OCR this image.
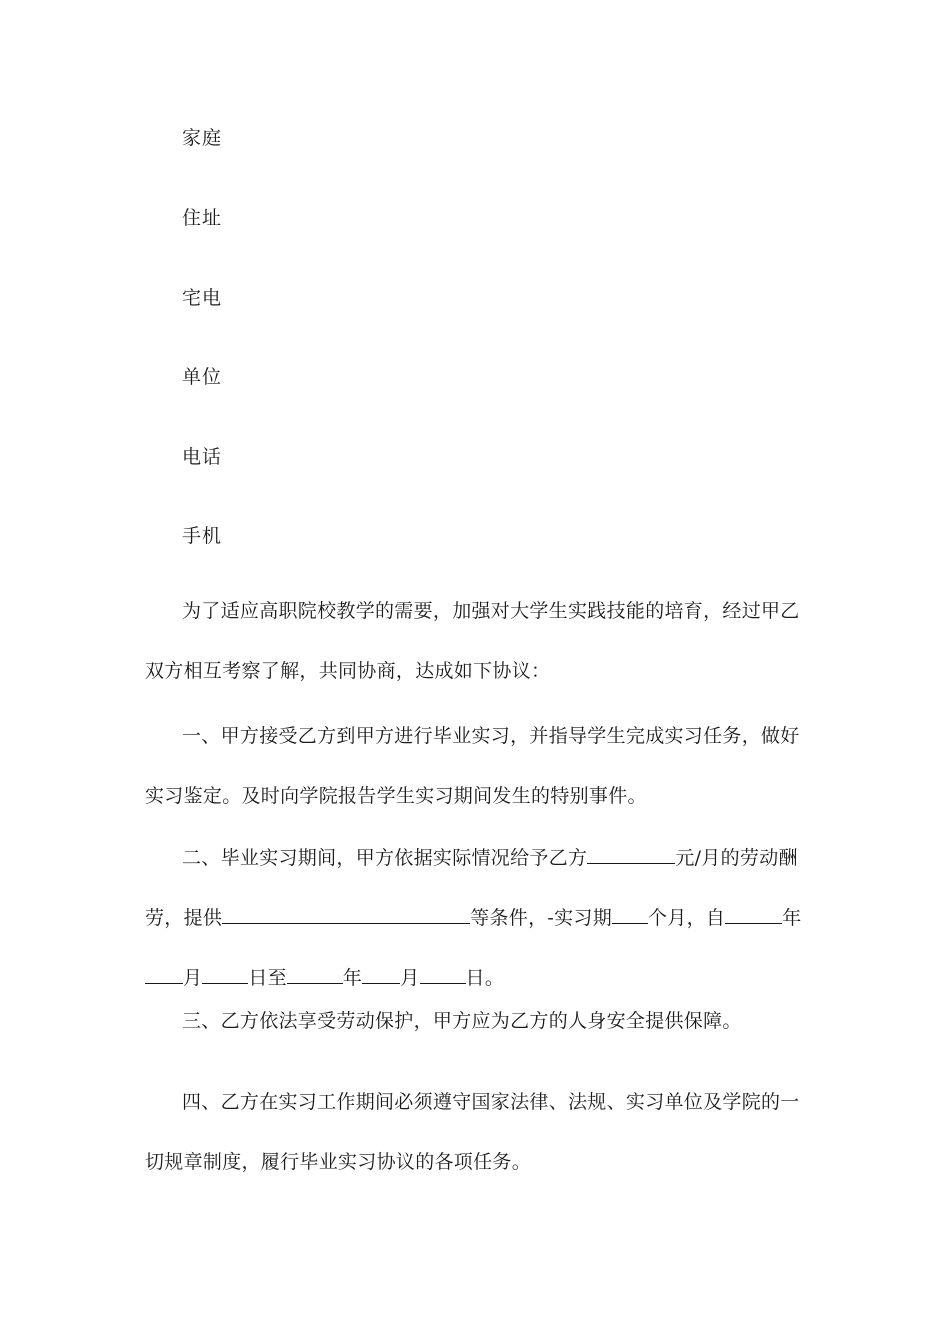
家庭
住址
宅电
单位
电话
手机
为了适应高职院校教学的需要，加强对大学生实践技能的培育，经过甲乙
双方相互考察了解，共同协商，达成如下协议：
一、甲方接受乙方到甲方进行毕业实习，并指导学生完成实习任务，做好
实习鉴定。及时向学院报告学生实习期间发生的特别事件。
二、毕业实习期间，甲方依据实际情况给予乙方	元/月的劳动酬
劳，提供	等条件，-实习期 个月，自	年
月 日至	年 月 日。
三、乙方依法享受劳动保护，甲方应为乙方的人身安全提供保障。
四、乙方在实习工作期间必须遵守国家法律、法规、实习单位及学院的一
切规章制度，履行毕业实习协议的各项任务。
